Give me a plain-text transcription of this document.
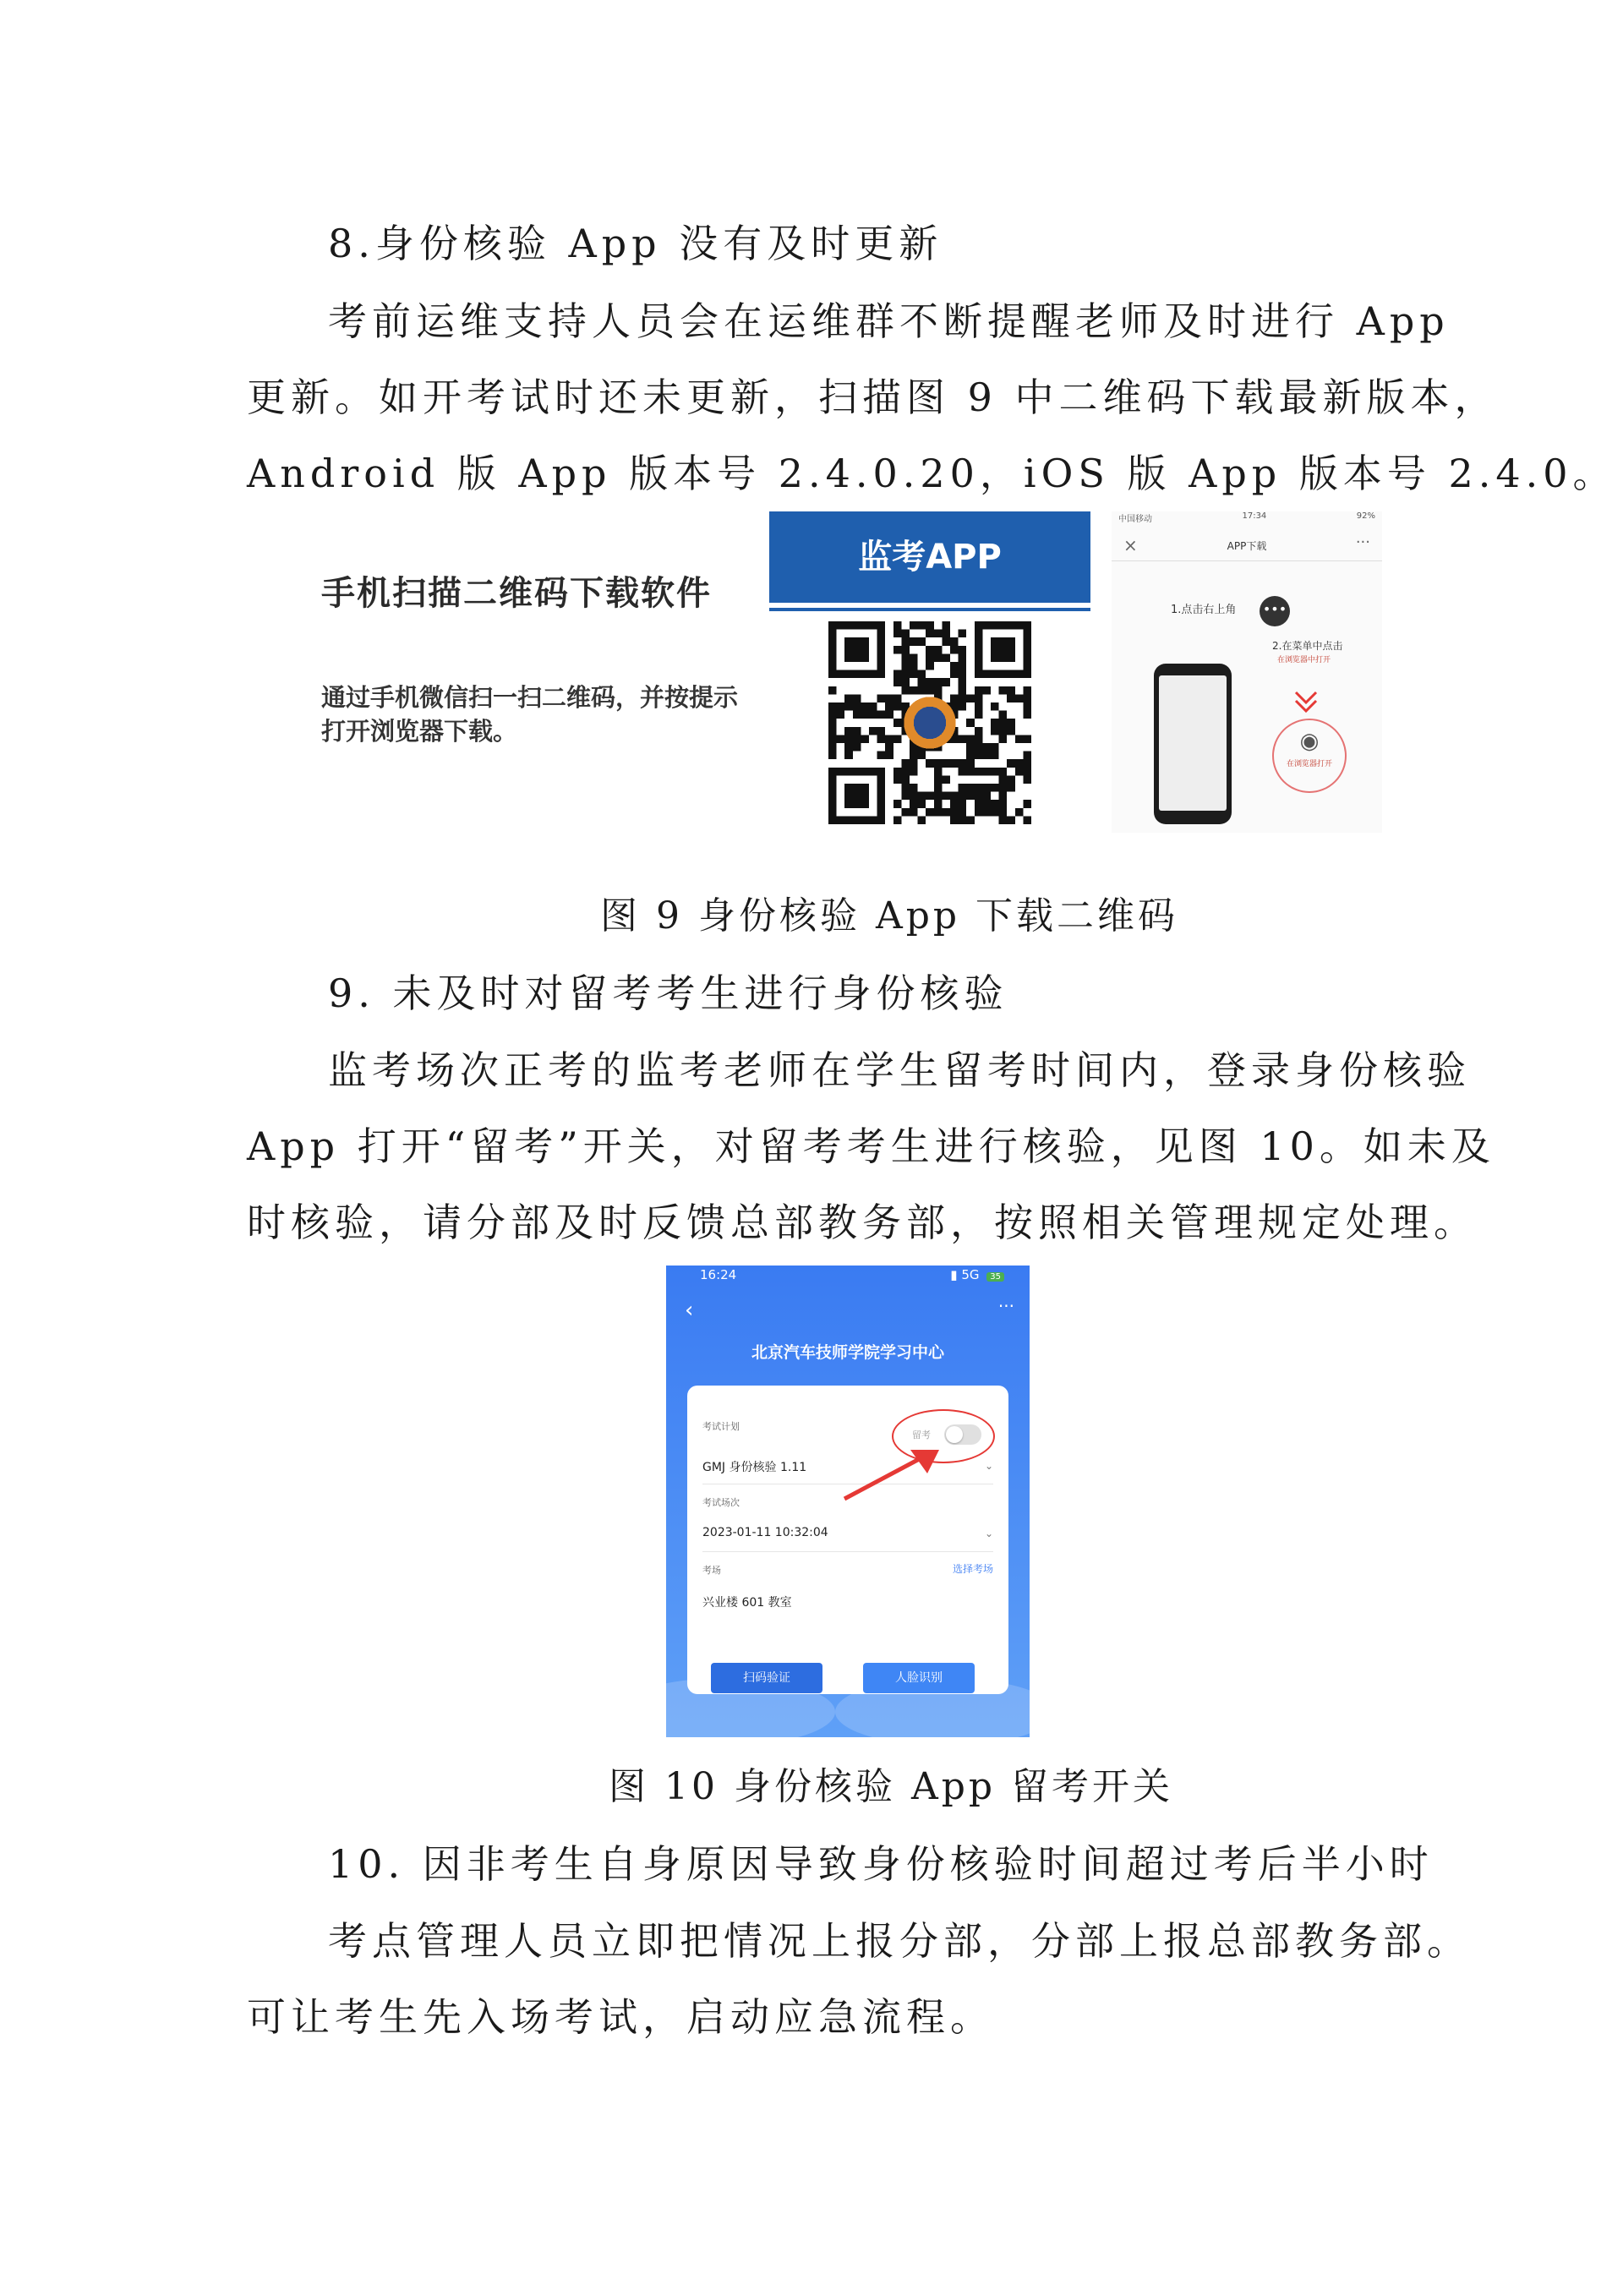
8.身份核验 App 没有及时更新
考前运维支持人员会在运维群不断提醒老师及时进行 App
更新。如开考试时还未更新，扫描图 9 中二维码下载最新版本，
Android 版 App 版本号 2.4.0.20，iOS 版 App 版本号 2.4.0。
手机扫描二维码下载软件
通过手机微信扫一扫二维码，并按提示打开浏览器下载。
监考APP
中国移动	17:34	92%
×	APP下载	···
1.点击右上角 •••
2.在菜单中点击
在浏览器中打开
◉
在浏览器打开
图 9 身份核验 App 下载二维码
9. 未及时对留考考生进行身份核验
监考场次正考的监考老师在学生留考时间内，登录身份核验
App 打开“留考”开关，对留考考生进行核验，见图 10。如未及
时核验，请分部及时反馈总部教务部，按照相关管理规定处理。
16:24	▮ 5G 35
‹	···
北京汽车技师学院学习中心
考试计划
留考
GMJ 身份核验 1.11	⌄
考试场次
2023-01-11 10:32:04	⌄
考场	选择考场
兴业楼 601 教室
扫码验证	人脸识别
图 10 身份核验 App 留考开关
10. 因非考生自身原因导致身份核验时间超过考后半小时
考点管理人员立即把情况上报分部，分部上报总部教务部。
可让考生先入场考试，启动应急流程。
